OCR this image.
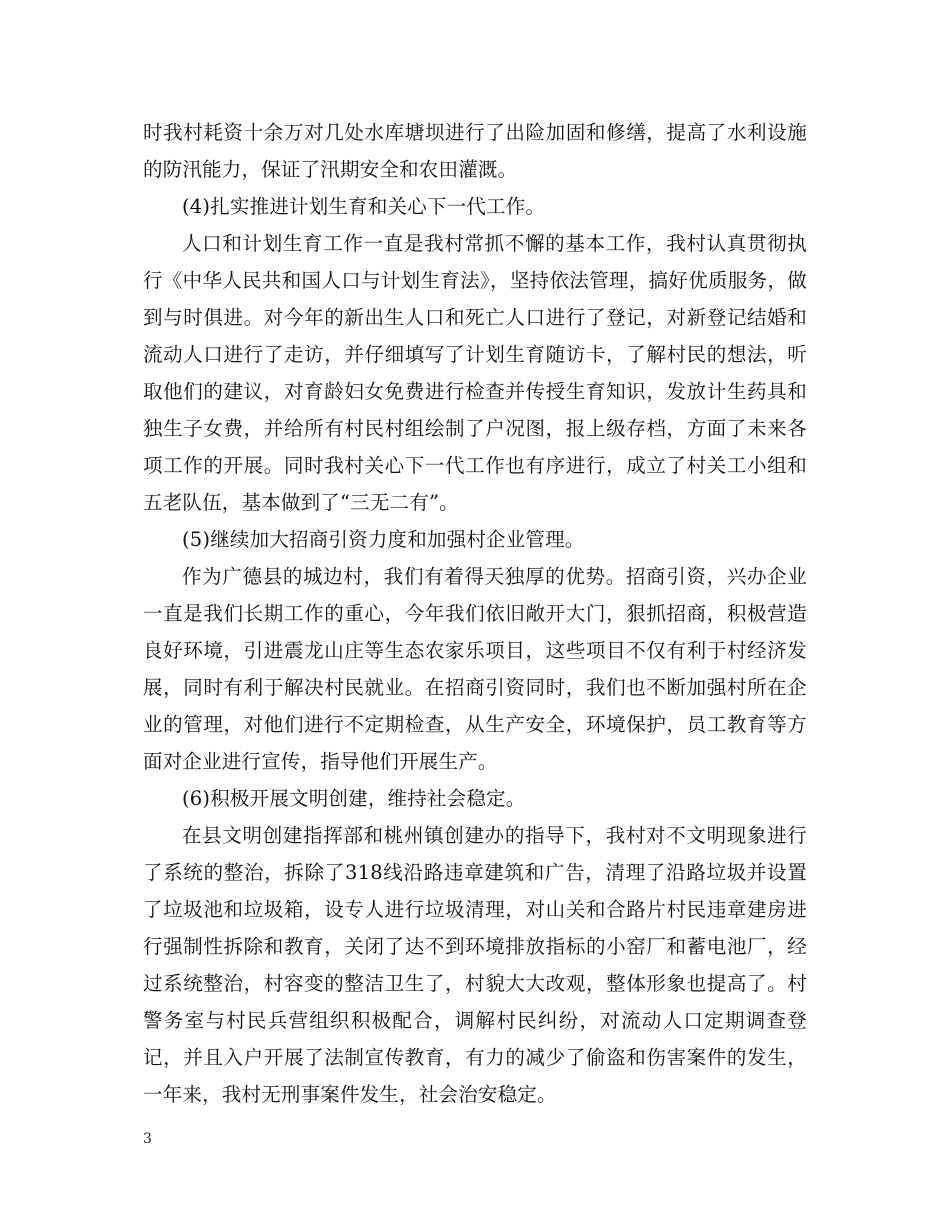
时我村耗资十余万对几处水库塘坝进行了出险加固和修缮，提高了水利设施的防汛能力，保证了汛期安全和农田灌溉。

(4)扎实推进计划生育和关心下一代工作。

人口和计划生育工作一直是我村常抓不懈的基本工作，我村认真贯彻执行《中华人民共和国人口与计划生育法》，坚持依法管理，搞好优质服务，做到与时俱进。对今年的新出生人口和死亡人口进行了登记，对新登记结婚和流动人口进行了走访，并仔细填写了计划生育随访卡，了解村民的想法，听取他们的建议，对育龄妇女免费进行检查并传授生育知识，发放计生药具和独生子女费，并给所有村民村组绘制了户况图，报上级存档，方面了未来各项工作的开展。同时我村关心下一代工作也有序进行，成立了村关工小组和五老队伍，基本做到了“三无二有”。

(5)继续加大招商引资力度和加强村企业管理。

作为广德县的城边村，我们有着得天独厚的优势。招商引资，兴办企业一直是我们长期工作的重心，今年我们依旧敞开大门，狠抓招商，积极营造良好环境，引进震龙山庄等生态农家乐项目，这些项目不仅有利于村经济发展，同时有利于解决村民就业。在招商引资同时，我们也不断加强村所在企业的管理，对他们进行不定期检查，从生产安全，环境保护，员工教育等方面对企业进行宣传，指导他们开展生产。

(6)积极开展文明创建，维持社会稳定。

在县文明创建指挥部和桃州镇创建办的指导下，我村对不文明现象进行了系统的整治，拆除了318线沿路违章建筑和广告，清理了沿路垃圾并设置了垃圾池和垃圾箱，设专人进行垃圾清理，对山关和合路片村民违章建房进行强制性拆除和教育，关闭了达不到环境排放指标的小窑厂和蓄电池厂，经过系统整治，村容变的整洁卫生了，村貌大大改观，整体形象也提高了。村警务室与村民兵营组织积极配合，调解村民纠纷，对流动人口定期调查登记，并且入户开展了法制宣传教育，有力的减少了偷盗和伤害案件的发生，一年来，我村无刑事案件发生，社会治安稳定。

3
